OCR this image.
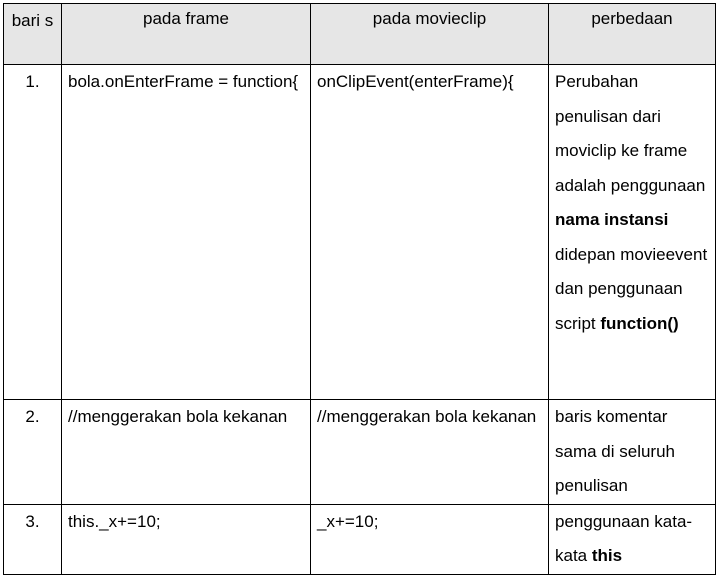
bari s	pada frame	pada movieclip	perbedaan
1.	bola.onEnterFrame = function{	onClipEvent(enterFrame){	Perubahan penulisan dari moviclip ke frame adalah penggunaan nama instansi didepan movieevent dan penggunaan script function()
2.	//menggerakan bola kekanan	//menggerakan bola kekanan	baris komentar sama di seluruh penulisan
3.	this._x+=10;	_x+=10;	penggunaan kata-kata this
